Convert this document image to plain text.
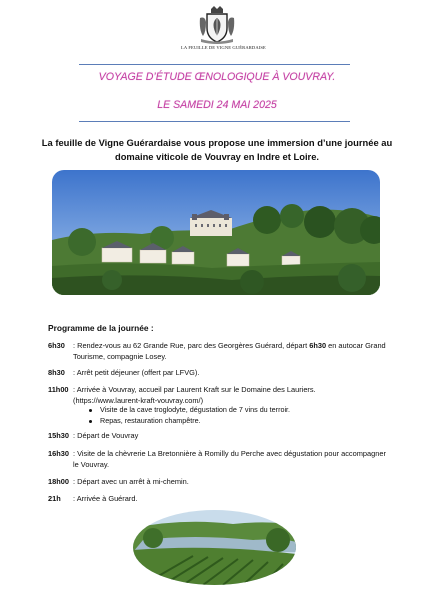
LA FEUILLE DE VIGNE GUÉRARDAISE
VOYAGE D’ÉTUDE ŒNOLOGIQUE À VOUVRAY.
LE SAMEDI 24 MAI 2025
La feuille de Vigne Guérardaise vous propose une immersion d’une journée au domaine viticole de Vouvray en Indre et Loire.
Programme de la journée :
6h30 : Rendez-vous au 62 Grande Rue, parc des Georgères Guérard, départ 6h30 en autocar Grand Tourisme, compagnie Losey.
8h30 : Arrêt petit déjeuner (offert par LFVG).
11h00 : Arrivée à Vouvray, accueil par Laurent Kraft sur le Domaine des Lauriers.
(https://www.laurent-kraft-vouvray.com/)
Visite de la cave troglodyte, dégustation de 7 vins du terroir.
Repas, restauration champêtre.
15h30 : Départ de Vouvray
16h30 : Visite de la chèvrerie La Bretonnière à Romilly du Perche avec dégustation pour accompagner le Vouvray.
18h00 : Départ avec un arrêt à mi-chemin.
21h : Arrivée à Guérard.
